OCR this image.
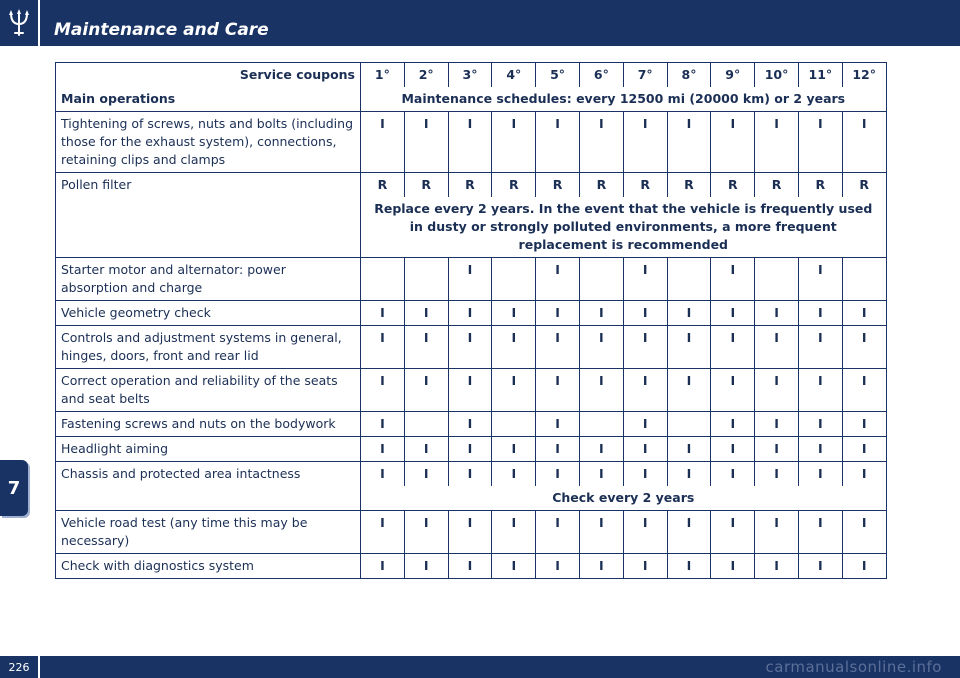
Maintenance and Care
7
Service coupons	1°	2°	3°	4°	5°	6°	7°	8°	9°	10°	11°	12°
Main operations	Maintenance schedules: every 12500 mi (20000 km) or 2 years											
Tightening of screws, nuts and bolts (including those for the exhaust system), connections, retaining clips and clamps	I	I	I	I	I	I	I	I	I	I	I	I
Pollen filter	R	R	R	R	R	R	R	R	R	R	R	R
	Replace every 2 years. In the event that the vehicle is frequently used in dusty or strongly polluted environments, a more frequent replacement is recommended											
Starter motor and alternator: power absorption and charge			I		I		I		I		I	
Vehicle geometry check	I	I	I	I	I	I	I	I	I	I	I	I
Controls and adjustment systems in general, hinges, doors, front and rear lid	I	I	I	I	I	I	I	I	I	I	I	I
Correct operation and reliability of the seats and seat belts	I	I	I	I	I	I	I	I	I	I	I	I
Fastening screws and nuts on the bodywork	I		I		I		I		I	I	I	I
Headlight aiming	I	I	I	I	I	I	I	I	I	I	I	I
Chassis and protected area intactness	I	I	I	I	I	I	I	I	I	I	I	I
	Check every 2 years											
Vehicle road test (any time this may be necessary)	I	I	I	I	I	I	I	I	I	I	I	I
Check with diagnostics system	I	I	I	I	I	I	I	I	I	I	I	I
226	carmanualsonline.info
